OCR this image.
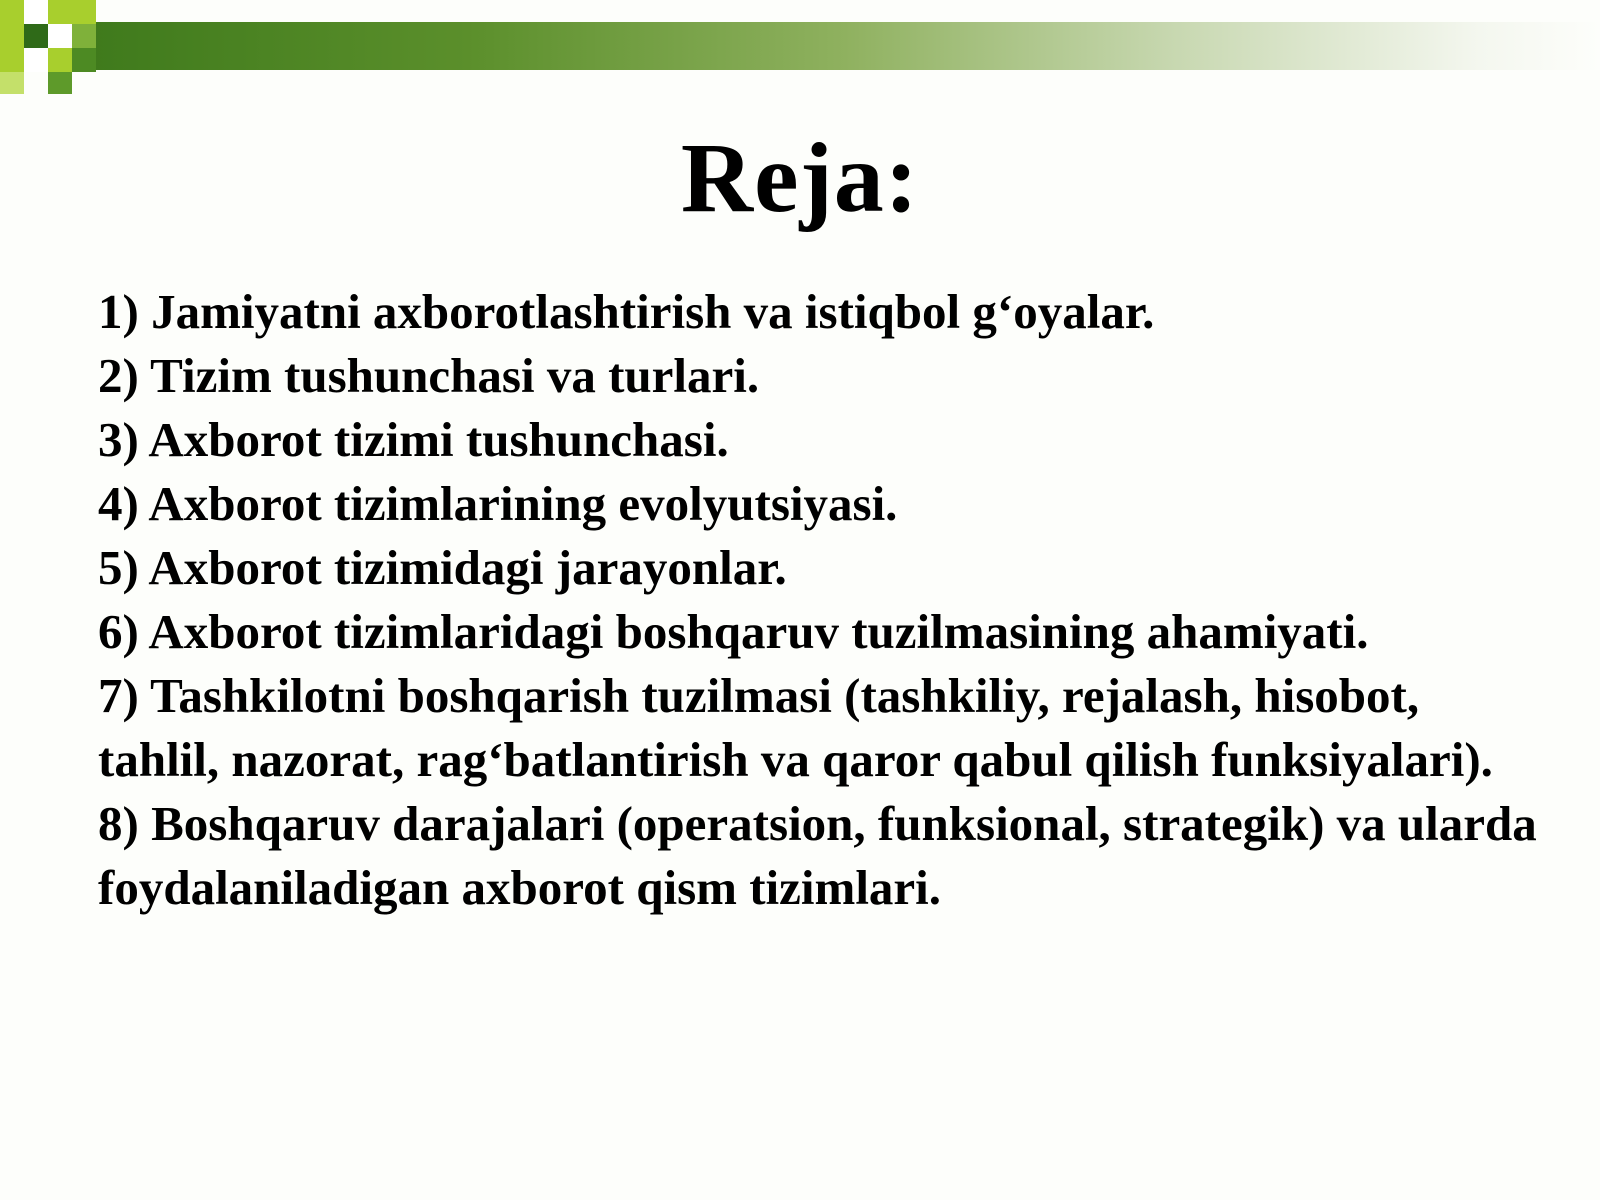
Reja:
1) Jamiyatni axborotlashtirish va istiqbol g‘oyalar.
2) Tizim tushunchasi va turlari.
3) Axborot tizimi tushunchasi.
4) Axborot tizimlarining evolyutsiyasi.
5) Axborot tizimidagi jarayonlar.
6) Axborot tizimlaridagi boshqaruv tuzilmasining ahamiyati.
7) Tashkilotni boshqarish tuzilmasi (tashkiliy, rejalash, hisobot, tahlil, nazorat, rag‘batlantirish va qaror qabul qilish funksiyalari).
8) Boshqaruv darajalari (operatsion, funksional, strategik) va ularda foydalaniladigan axborot qism tizimlari.
